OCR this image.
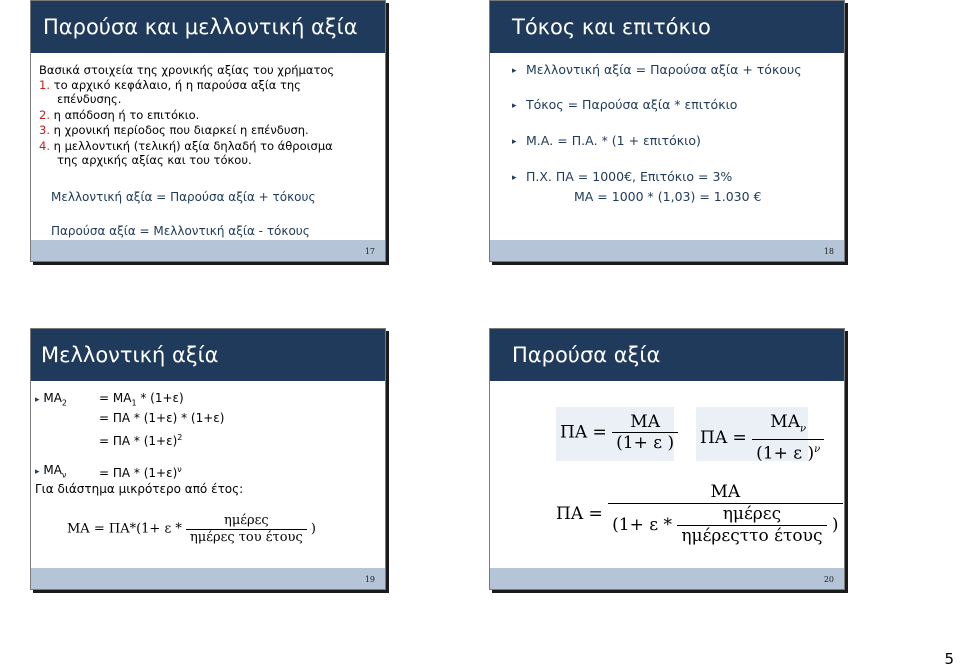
Παρούσα και μελλοντική αξία
Βασικά στοιχεία της χρονικής αξίας του χρήματος
1. το αρχικό κεφάλαιο, ή η παρούσα αξία της
επένδυσης.
2. η απόδοση ή το επιτόκιο.
3. η χρονική περίοδος που διαρκεί η επένδυση.
4. η μελλοντική (τελική) αξία δηλαδή το άθροισμα
της αρχικής αξίας και του τόκου.
Μελλοντική αξία = Παρούσα αξία + τόκους
Παρούσα αξία = Μελλοντική αξία - τόκους
17
Τόκος και επιτόκιο
▸ Μελλοντική αξία = Παρούσα αξία + τόκους
▸ Τόκος = Παρούσα αξία * επιτόκιο
▸ Μ.Α. = Π.Α. * (1 + επιτόκιο)
▸ Π.Χ. ΠΑ = 1000€, Επιτόκιο = 3%
ΜΑ = 1000 * (1,03) = 1.030 €
18
Μελλοντική αξία
▸ $MA_2$	= $MA_1 * (1+\varepsilon)$
= ΠΑ * (1+ε) * (1+ε)
= $\Pi A * (1+\varepsilon)^2$
▸ $MA_\nu$	= $\Pi A * (1+\varepsilon)^\nu$
Για διάστημα μικρότερο από έτος:
$MA = \Pi A*(1+ \varepsilon * \frac{\text{ημέρες}}{\text{ημέρες του έτους}}$ )
19
Παρούσα αξία
$\Pi A = \frac{MA}{(1+ \varepsilon )}$ $\Pi A = \frac{MA_\nu}{(1+ \varepsilon )^\nu}$
ΠΑ =
ΜΑ
($1+ \varepsilon * \frac{\text{ημέρες}}{\text{ημέρεςττο έτους}}$ )
20
5
